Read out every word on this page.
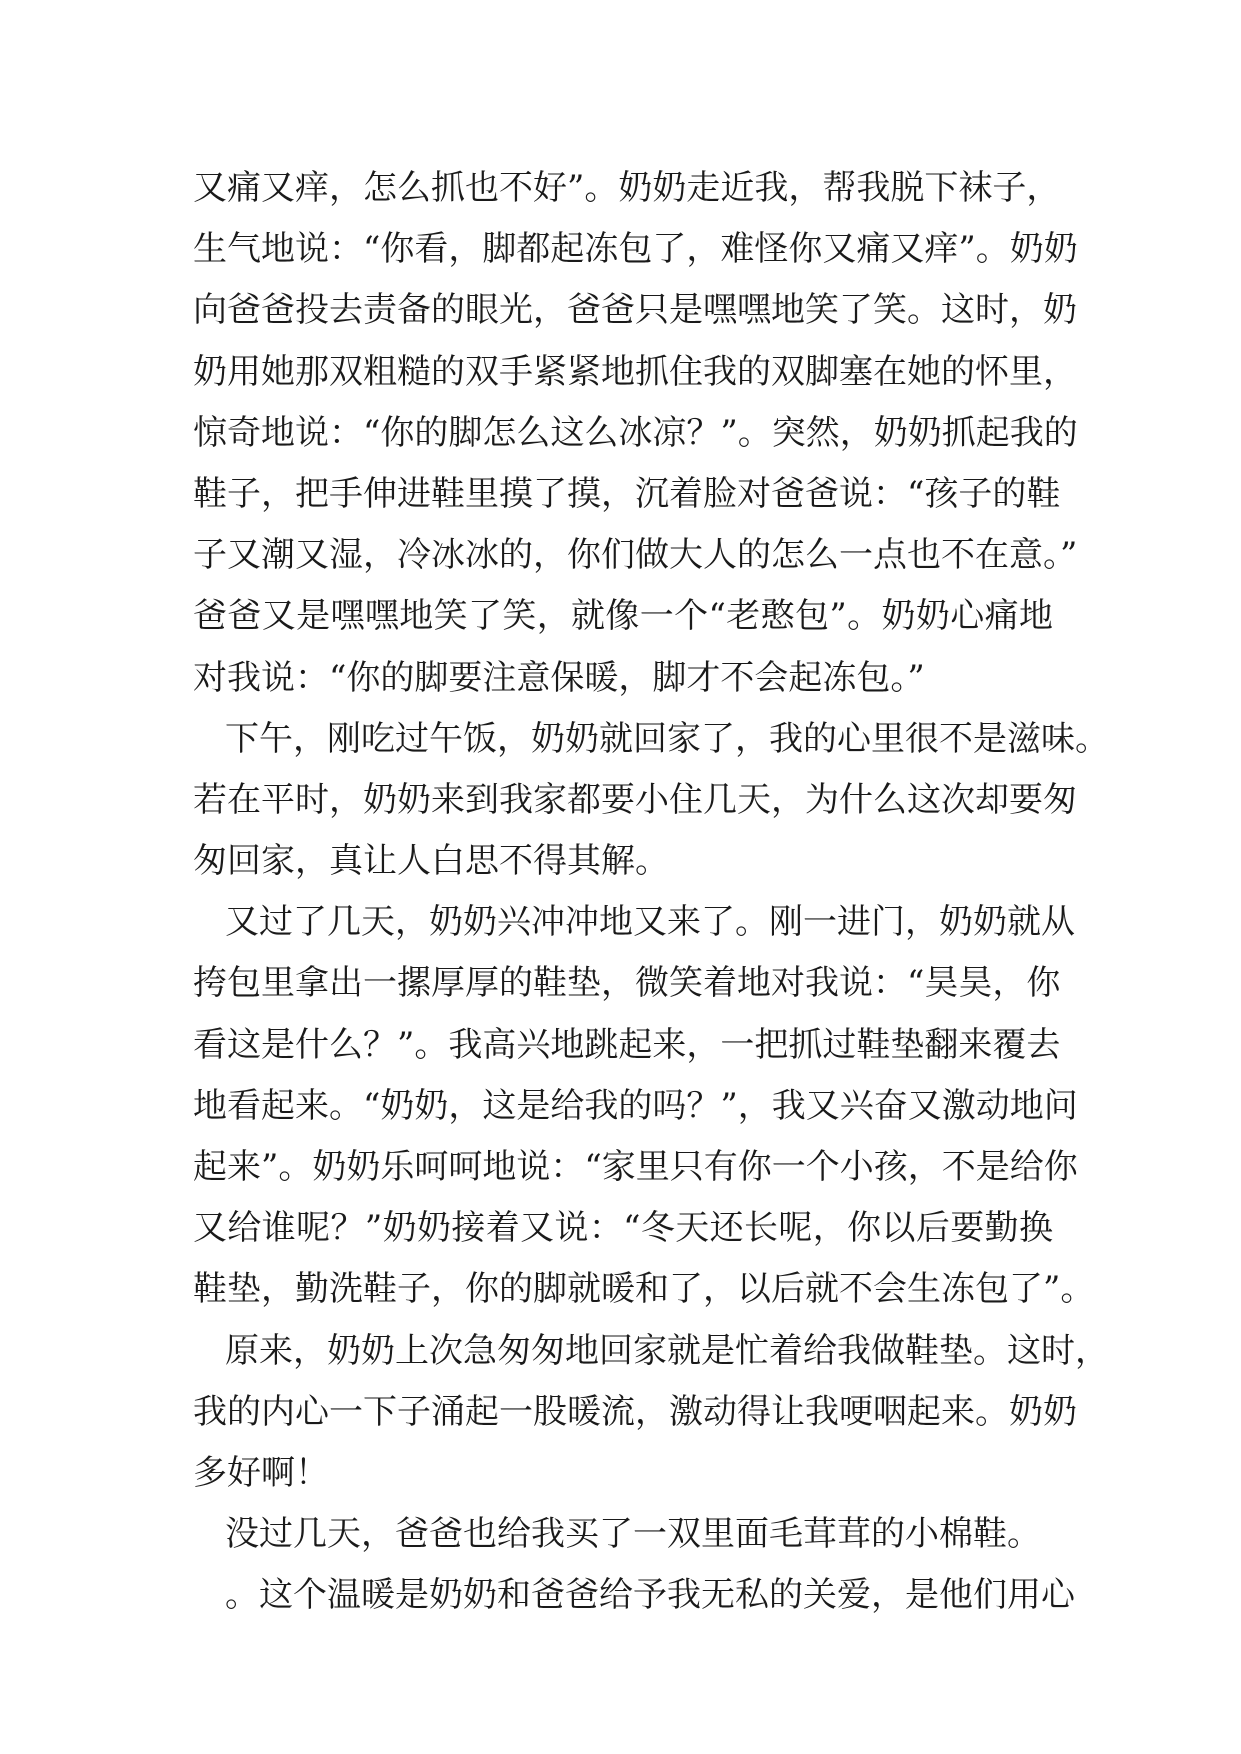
又痛又痒，怎么抓也不好”。奶奶走近我，帮我脱下袜子，
生气地说：“你看，脚都起冻包了，难怪你又痛又痒”。奶奶
向爸爸投去责备的眼光，爸爸只是嘿嘿地笑了笑。这时，奶
奶用她那双粗糙的双手紧紧地抓住我的双脚塞在她的怀里，
惊奇地说：“你的脚怎么这么冰凉？”。突然，奶奶抓起我的
鞋子，把手伸进鞋里摸了摸，沉着脸对爸爸说：“孩子的鞋
子又潮又湿，冷冰冰的，你们做大人的怎么一点也不在意。”
爸爸又是嘿嘿地笑了笑，就像一个“老憨包”。奶奶心痛地
对我说：“你的脚要注意保暖，脚才不会起冻包。”
下午，刚吃过午饭，奶奶就回家了，我的心里很不是滋味。
若在平时，奶奶来到我家都要小住几天，为什么这次却要匆
匆回家，真让人白思不得其解。
又过了几天，奶奶兴冲冲地又来了。刚一进门，奶奶就从
挎包里拿出一摞厚厚的鞋垫，微笑着地对我说：“昊昊，你
看这是什么？”。我高兴地跳起来，一把抓过鞋垫翻来覆去
地看起来。“奶奶，这是给我的吗？”，我又兴奋又激动地问
起来”。奶奶乐呵呵地说：“家里只有你一个小孩，不是给你
又给谁呢？”奶奶接着又说：“冬天还长呢，你以后要勤换
鞋垫，勤洗鞋子，你的脚就暖和了，以后就不会生冻包了”。
原来，奶奶上次急匆匆地回家就是忙着给我做鞋垫。这时，
我的内心一下子涌起一股暖流，激动得让我哽咽起来。奶奶
多好啊！
没过几天，爸爸也给我买了一双里面毛茸茸的小棉鞋。
。这个温暖是奶奶和爸爸给予我无私的关爱，是他们用心
